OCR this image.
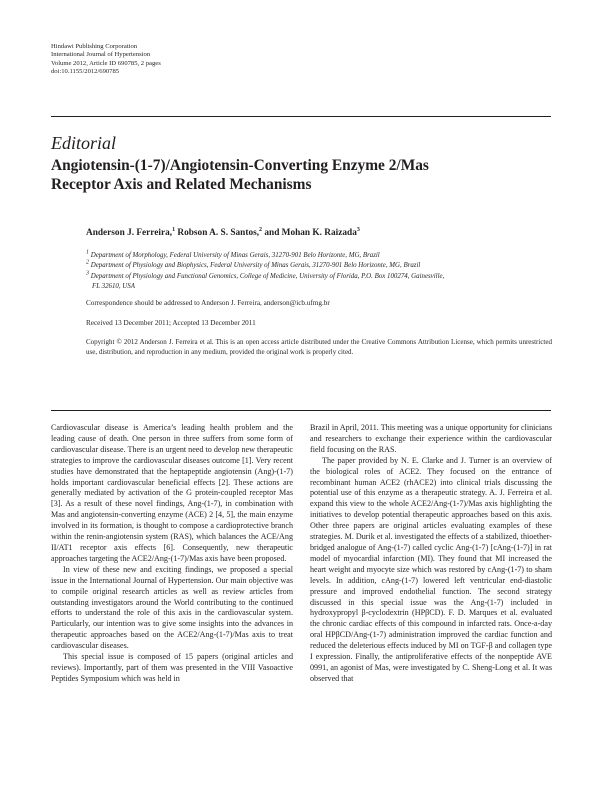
Hindawi Publishing Corporation
International Journal of Hypertension
Volume 2012, Article ID 690785, 2 pages
doi:10.1155/2012/690785
Editorial
Angiotensin-(1-7)/Angiotensin-Converting Enzyme 2/Mas
Receptor Axis and Related Mechanisms
Anderson J. Ferreira,$^1$ Robson A. S. Santos,$^2$ and Mohan K. Raizada$^3$
$^1$ Department of Morphology, Federal University of Minas Gerais, 31270-901 Belo Horizonte, MG, Brazil
$^2$ Department of Physiology and Biophysics, Federal University of Minas Gerais, 31270-901 Belo Horizonte, MG, Brazil
$^3$ Department of Physiology and Functional Genomics, College of Medicine, University of Florida, P.O. Box 100274, Gainesville,
FL 32610, USA
Correspondence should be addressed to Anderson J. Ferreira, anderson@icb.ufmg.br
Received 13 December 2011; Accepted 13 December 2011
Copyright © 2012 Anderson J. Ferreira et al. This is an open access article distributed under the Creative Commons Attribution License, which permits unrestricted use, distribution, and reproduction in any medium, provided the original work is properly cited.

Cardiovascular disease is America’s leading health problem and the leading cause of death. One person in three suffers from some form of cardiovascular disease. There is an urgent need to develop new therapeutic strategies to improve the cardiovascular diseases outcome [1]. Very recent studies have demonstrated that the heptapeptide angiotensin (Ang)-(1-7) holds important cardiovascular beneficial effects [2]. These actions are generally mediated by activation of the G protein-coupled receptor Mas [3]. As a result of these novel findings, Ang-(1-7), in combination with Mas and angiotensin-converting enzyme (ACE) 2 [4, 5], the main enzyme involved in its formation, is thought to compose a cardioprotective branch within the renin-angiotensin system (RAS), which balances the ACE/Ang II/AT1 receptor axis effects [6]. Consequently, new therapeutic approaches targeting the ACE2/Ang-(1-7)/Mas axis have been proposed.

In view of these new and exciting findings, we proposed a special issue in the International Journal of Hypertension. Our main objective was to compile original research articles as well as review articles from outstanding investigators around the World contributing to the continued efforts to understand the role of this axis in the cardiovascular system. Particularly, our intention was to give some insights into the advances in therapeutic approaches based on the ACE2/Ang-(1-7)/Mas axis to treat cardiovascular diseases.

This special issue is composed of 15 papers (original articles and reviews). Importantly, part of them was presented in the VIII Vasoactive Peptides Symposium which was held in

Brazil in April, 2011. This meeting was a unique opportunity for clinicians and researchers to exchange their experience within the cardiovascular field focusing on the RAS.

The paper provided by N. E. Clarke and J. Turner is an overview of the biological roles of ACE2. They focused on the entrance of recombinant human ACE2 (rhACE2) into clinical trials discussing the potential use of this enzyme as a therapeutic strategy. A. J. Ferreira et al. expand this view to the whole ACE2/Ang-(1-7)/Mas axis highlighting the initiatives to develop potential therapeutic approaches based on this axis. Other three papers are original articles evaluating examples of these strategies. M. Durik et al. investigated the effects of a stabilized, thioether-bridged analogue of Ang-(1-7) called cyclic Ang-(1-7) [cAng-(1-7)] in rat model of myocardial infarction (MI). They found that MI increased the heart weight and myocyte size which was restored by cAng-(1-7) to sham levels. In addition, cAng-(1-7) lowered left ventricular end-diastolic pressure and improved endothelial function. The second strategy discussed in this special issue was the Ang-(1-7) included in hydroxypropyl β-cyclodextrin (HPβCD). F. D. Marques et al. evaluated the chronic cardiac effects of this compound in infarcted rats. Once-a-day oral HPβCD/Ang-(1-7) administration improved the cardiac function and reduced the deleterious effects induced by MI on TGF-β and collagen type I expression. Finally, the antiproliferative effects of the nonpeptide AVE 0991, an agonist of Mas, were investigated by C. Sheng-Long et al. It was observed that
